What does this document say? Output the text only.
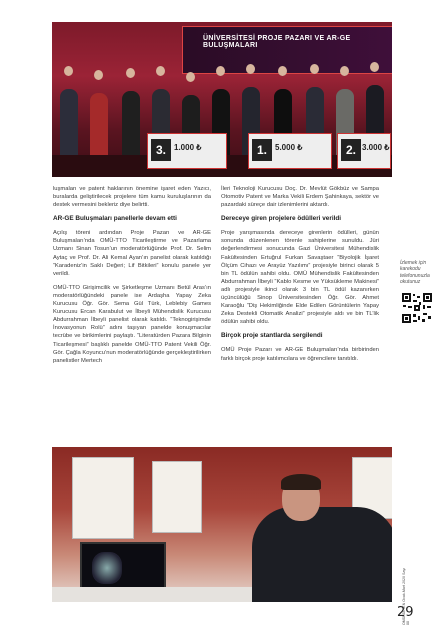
ÜNİVERSİTESİ PROJE PAZARI VE AR-GE BULUŞMALARI
3.	1.000 ₺	1.	5.000 ₺	2. 3.000 ₺

luşmaları ve patent haklarının önemine işaret eden Yazıcı, buralarda geliştirilecek projelere tüm kamu kuruluşlarının da destek vermesini bekleriz diye belirtti.

AR-GE Buluşmaları panellerle devam etti

Açılış töreni ardından Proje Pazarı ve AR-GE Buluşmaları’nda OMÜ-TTO Ticarileştirme ve Pazarlama Uzmanı Sinan Tosun’un moderatörlüğünde Prof. Dr. Selim Aytaç ve Prof. Dr. Ali Kemal Ayan’ın panelist olarak katıldığı “Karadeniz’in Saklı Değeri; Lif Bitkileri” konulu panele yer verildi.

OMÜ-TTO Girişimcilik ve Şirketleşme Uzmanı Betül Aras’ın moderatörlüğündeki panele ise Ardaşha Yapay Zeka Kurucusu Öğr. Gör. Sema Gül Türk, Leblebiy Games Kurucusu Ercan Karabulut ve İlbeyli Mühendislik Kurucusu Abdurrahman İlbeyli panelist olarak katıldı. “Teknogirişimde İnovasyonun Rolü” adını taşıyan panelde konuşmacılar tecrübe ve birikimlerini paylaştı. “Literatürden Pazara Bilginin Ticarileşmesi” başlıklı panelde OMÜ-TTO Patent Vekili Öğr. Gör. Çağla Koyuncu’nun moderatörlüğünde gerçekleştirilirken panelistler Mertech

İleri Teknoloji Kurucusu Doç. Dr. Mevlüt Gökbüz ve Sampa Otomotiv Patent ve Marka Vekili Erdem Şahinkaya, sektör ve pazardaki süreçe dair izlenimlerini aktardı.

Dereceye giren projelere ödülleri verildi

Proje yarışmasında dereceye girenlerin ödülleri, günün sonunda düzenlenen törenle sahiplerine sunuldu. Jüri değerlendirmesi sonucunda Gazi Üniversitesi Mühendislik Fakültesinden Ertuğrul Furkan Savaştaer “Biyolojik İşaret Ölçüm Cihazı ve Arayüz Yazılımı” projesiyle birinci olarak 5 bin TL ödülün sahibi oldu. OMÜ Mühendislik Fakültesinden Abdurrahman İlbeyli “Kablo Kesme ve Yüksükleme Makinesi” adlı projesiyle ikinci olarak 3 bin TL ödül kazanırken üçüncülüğü Sinop Üniversitesinden Öğr. Gör. Ahmet Karaoğlu “Diş Hekimliğinde Elde Edilen Görüntülerin Yapay Zeka Destekli Otomatik Analizi” projesiyle aldı ve bin TL’lik ödülün sahibi oldu.

Birçok proje stantlarda sergilendi

OMÜ Proje Pazarı ve AR-GE Buluşmaları’nda birbirinden farklı birçok proje katılımcılara ve öğrencilere tanıtıldı.

İzlemek için karekodu telefonunuzla okutunuz
OMÜBÜLTEN Ocak-Mart 2020 Sayı 88
29
